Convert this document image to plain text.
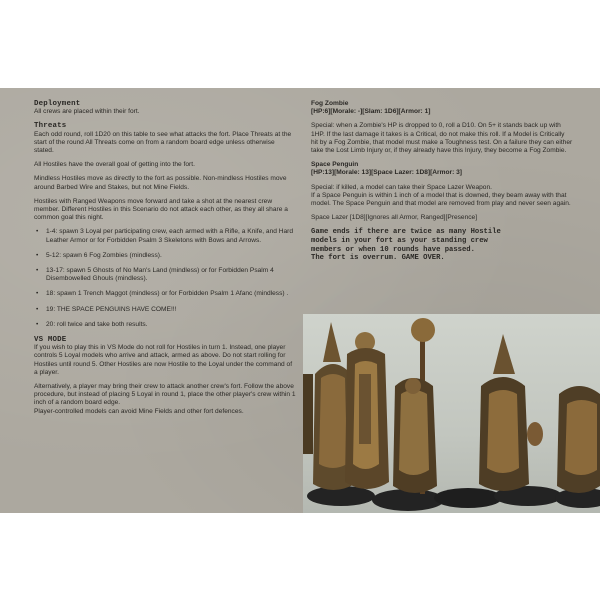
Deployment

All crews are placed within their fort.

Threats

Each odd round, roll 1D20 on this table to see what attacks the fort. Place Threats at the start of the round All Threats come on from a random board edge unless otherwise stated.

All Hostiles have the overall goal of getting into the fort.

Mindless Hostiles move as directly to the fort as possible. Non-mindless Hostiles move around Barbed Wire and Stakes, but not Mine Fields.

Hostiles with Ranged Weapons move forward and take a shot at the nearest crew member. Different Hostiles in this Scenario do not attack each other, as they all share a common goal this night.

• 1-4: spawn 3 Loyal per participating crew, each armed with a Rifle, a Knife, and Hard Leather Armor or for Forbidden Psalm 3 Skeletons with Bows and Arrows.
• 5-12: spawn 6 Fog Zombies (mindless).
• 13-17: spawn 5 Ghosts of No Man's Land (mindless) or for Forbidden Psalm 4 Disembowelled Ghouls (mindless).
• 18: spawn 1 Trench Maggot (mindless) or for Forbidden Psalm 1 Afanc (mindless) .
• 19: THE SPACE PENGUINS HAVE COME!!!
• 20: roll twice and take both results.
VS MODE

If you wish to play this in VS Mode do not roll for Hostiles in turn 1. Instead, one player controls 5 Loyal models who arrive and attack, armed as above. Do not start rolling for Hostiles until round 5. Other Hostiles are now Hostile to the Loyal under the command of a player.

Alternatively, a player may bring their crew to attack another crew's fort. Follow the above procedure, but instead of placing 5 Loyal in round 1, place the other player's crew within 1 inch of a random board edge.

Player-controlled models can avoid Mine Fields and other fort defences.

Fog Zombie

[HP:6][Morale: -][Slam: 1D6][Armor: 1]

Special: when a Zombie's HP is dropped to 0, roll a D10. On 5+ it stands back up with 1HP. If the last damage it takes is a Critical, do not make this roll. If a Model is Critically hit by a Fog Zombie, that model must make a Toughness test. On a failure they can either take the Lost Limb Injury or, if they already have this Injury, they become a Fog Zombie.

Space Penguin

[HP:13][Morale: 13][Space Lazer: 1D8][Armor: 3]

Special: if killed, a model can take their Space Lazer Weapon.

If a Space Penguin is within 1 inch of a model that is downed, they beam away with that model. The Space Penguin and that model are removed from play and never seen again.

Space Lazer [1D8][Ignores all Armor, Ranged][Presence]

Game ends if there are twice as many Hostile
models in your fort as your standing crew
members or when 10 rounds have passed.
The fort is overrum. GAME OVER.
